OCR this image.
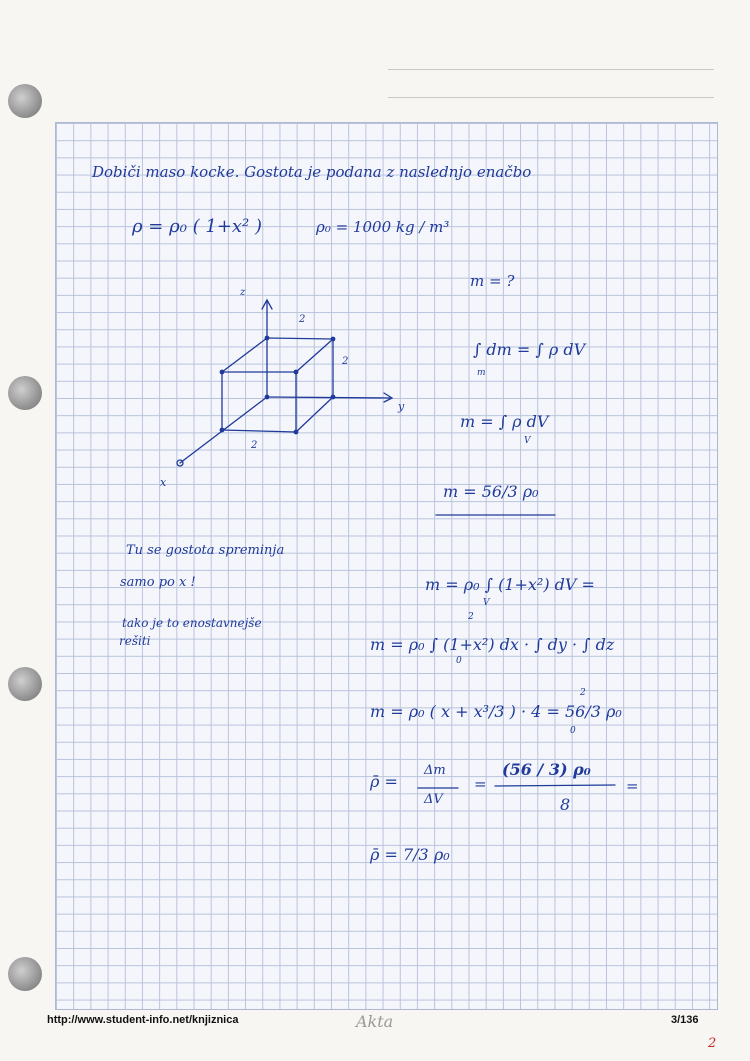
Dobiči maso kocke. Gostota je podana z naslednjo enačbo
ρ = ρ₀ ( 1+x² )	ρ₀ = 1000 kg / m³
m = ?
∫ dm = ∫ ρ dV
m
m = ∫ ρ dV
V
m = 56/3 ρ₀
Tu se gostota spreminja
samo po x !
tako je to enostavnejše
rešiti
m = ρ₀ ∫ (1+x²) dV =
V
m = ρ₀ ∫ (1+x²) dx · ∫ dy · ∫ dz
2
0
m = ρ₀ ( x + x³/3 ) · 4 = 56/3 ρ₀
2
0
ρ̄ =
Δm
ΔV
=
(56 / 3) ρ₀
8
=
ρ̄ = 7/3 ρ₀
z
y
x
2
2
2
http://www.student-info.net/knjiznica	Akta	3/136
2
